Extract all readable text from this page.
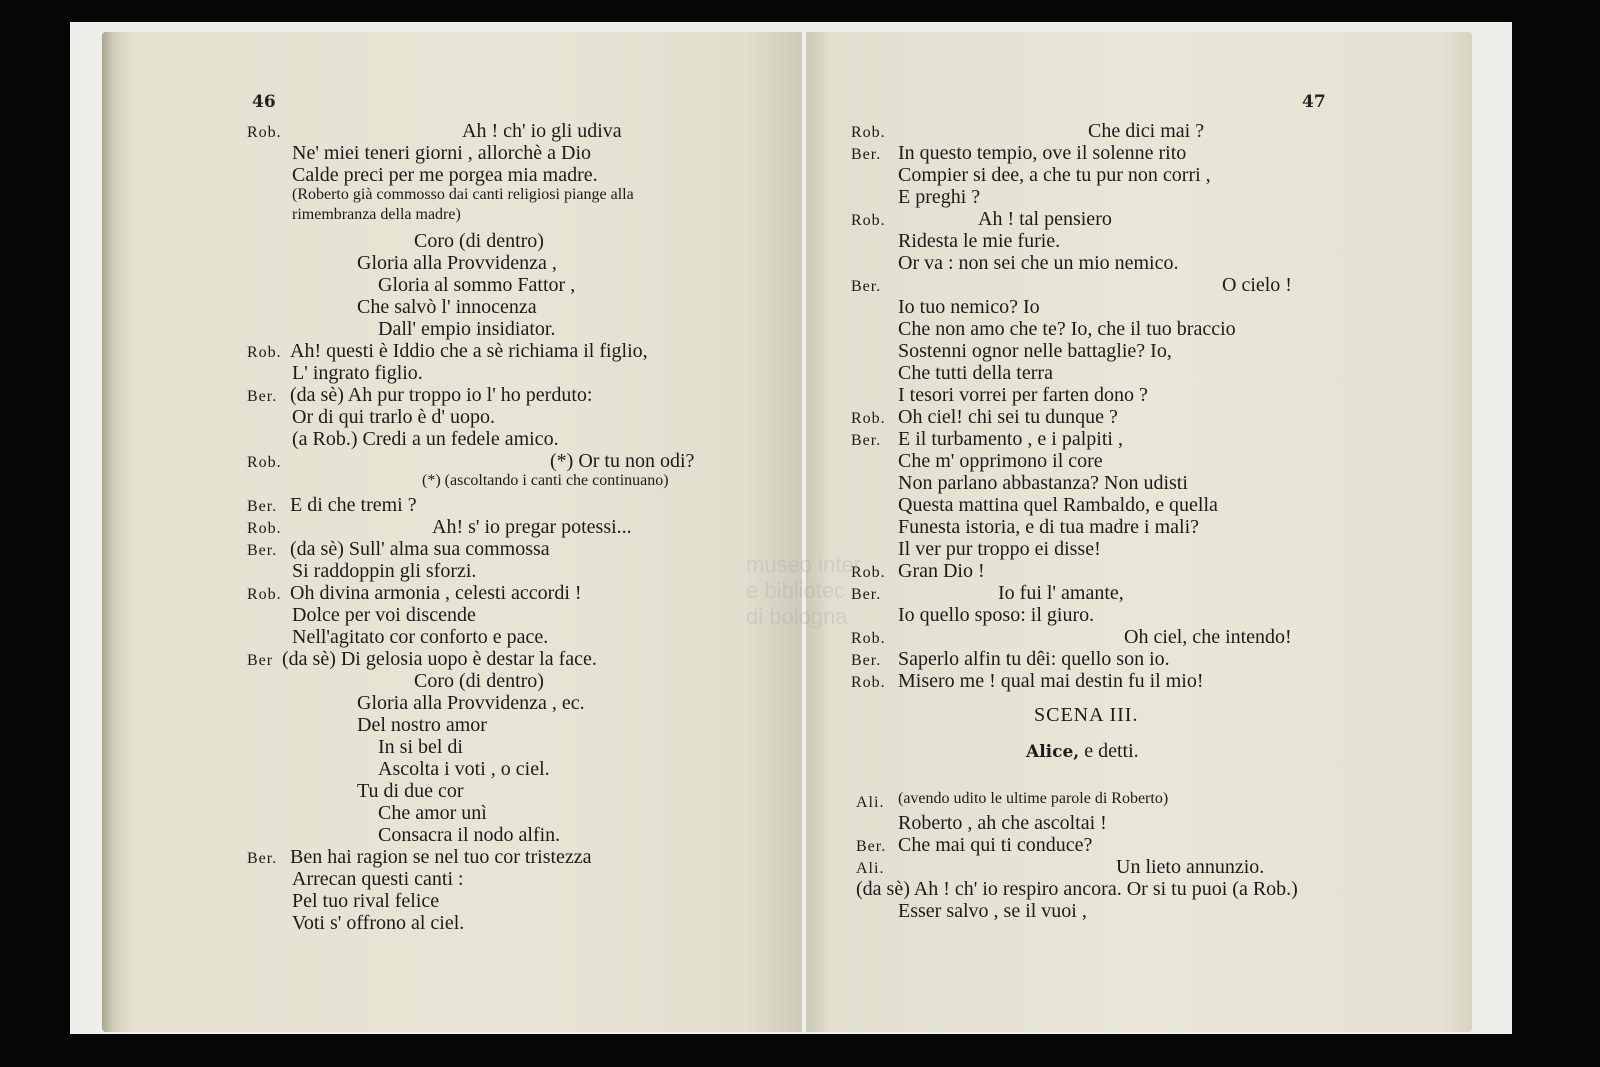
46
Rob.	Ah ! ch' io gli udiva
Ne' miei teneri giorni , allorchè a Dio
Calde preci per me porgea mia madre.
(Roberto già commosso dai canti religiosi piange alla
rimembranza della madre)
Coro (di dentro)
Gloria alla Provvidenza ,
Gloria al sommo Fattor ,
Che salvò l' innocenza
Dall' empio insidiator.
Rob. Ah! questi è Iddio che a sè richiama il figlio,
L' ingrato figlio.
Ber. (da sè) Ah pur troppo io l' ho perduto:
Or di qui trarlo è d' uopo.
(a Rob.) Credi a un fedele amico.
Rob.	(*) Or tu non odi?
(*) (ascoltando i canti che continuano)
Ber. E di che tremi ?
Rob.	Ah! s' io pregar potessi...
Ber. (da sè) Sull' alma sua commossa
Si raddoppin gli sforzi.
Rob. Oh divina armonia , celesti accordi !
Dolce per voi discende
Nell'agitato cor conforto e pace.
Ber (da sè) Di gelosia uopo è destar la face.
Coro (di dentro)
Gloria alla Provvidenza , ec.
Del nostro amor
In si bel di
Ascolta i voti , o ciel.
Tu di due cor
Che amor unì
Consacra il nodo alfin.
Ber. Ben hai ragion se nel tuo cor tristezza
Arrecan questi canti :
Pel tuo rival felice
Voti s' offrono al ciel.
47
Rob.	Che dici mai ?
Ber. In questo tempio, ove il solenne rito
Compier si dee, a che tu pur non corri ,
E preghi ?
Rob.	Ah ! tal pensiero
Ridesta le mie furie.
Or va : non sei che un mio nemico.
Ber.	O cielo !
Io tuo nemico? Io
Che non amo che te? Io, che il tuo braccio
Sostenni ognor nelle battaglie? Io,
Che tutti della terra
I tesori vorrei per farten dono ?
Rob. Oh ciel! chi sei tu dunque ?
Ber. E il turbamento , e i palpiti ,
Che m' opprimono il core
Non parlano abbastanza? Non udisti
Questa mattina quel Rambaldo, e quella
Funesta istoria, e di tua madre i mali?
Il ver pur troppo ei disse!
Rob. Gran Dio !
Ber.	Io fui l' amante,
Io quello sposo: il giuro.
Rob.	Oh ciel, che intendo!
Ber. Saperlo alfin tu dêi: quello son io.
Rob. Misero me ! qual mai destin fu il mio!
SCENA III.
Alice, e detti.
Ali. (avendo udito le ultime parole di Roberto)
Roberto , ah che ascoltai !
Ber. Che mai qui ti conduce?
Ali.	Un lieto annunzio.
(da sè) Ah ! ch' io respiro ancora. Or si tu puoi (a Rob.)
Esser salvo , se il vuoi ,
museo inter
e bibliotec
di bologna
